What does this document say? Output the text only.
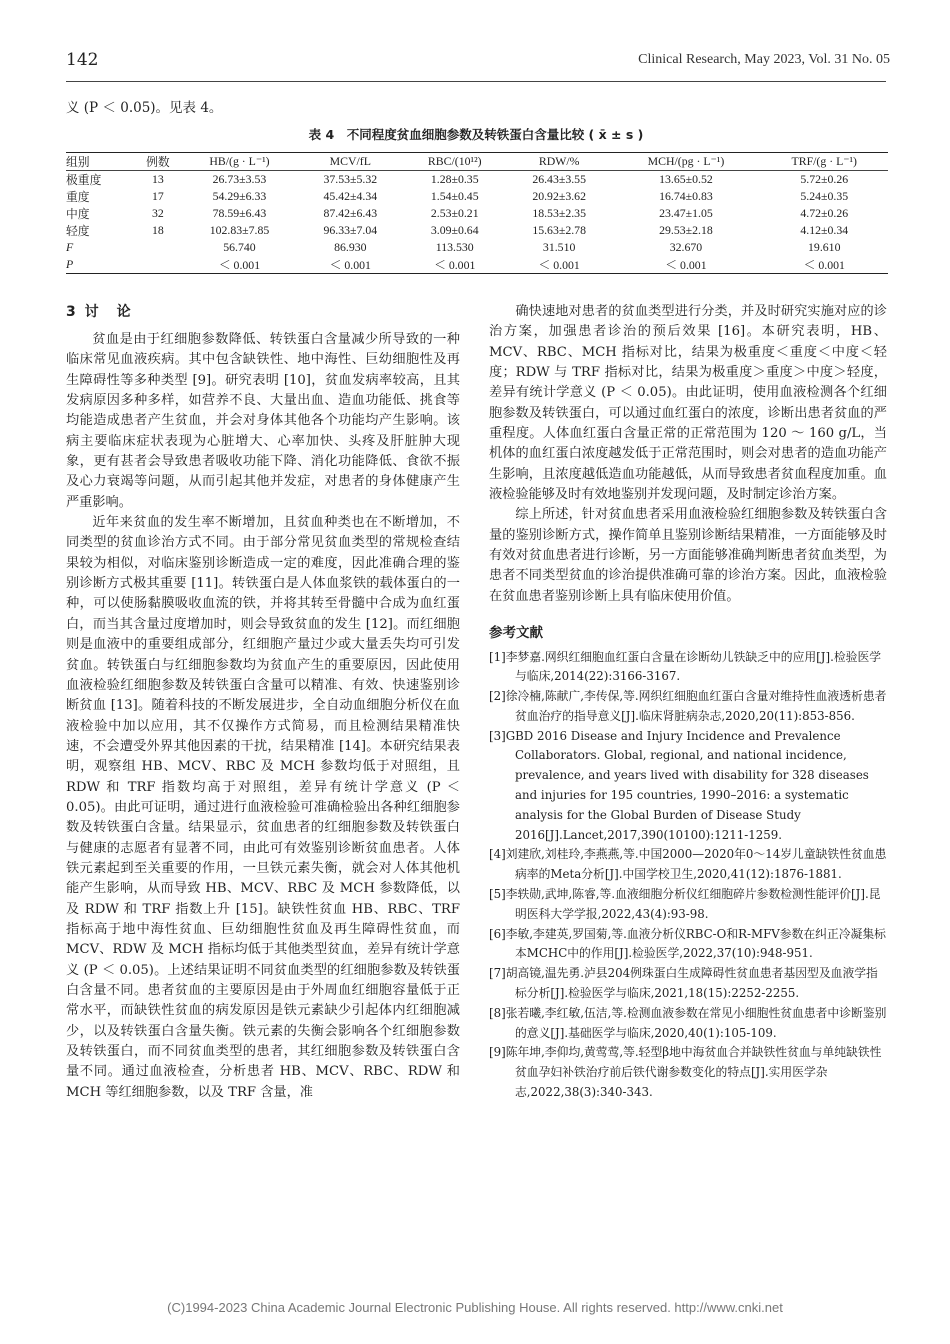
142	Clinical Research, May 2023, Vol. 31 No. 05
义 (P ＜ 0.05)。见表 4。
表 4　不同程度贫血细胞参数及转铁蛋白含量比较 ( x̄ ± s )
组别	例数	HB/(g · L⁻¹)	MCV/fL	RBC/(10¹²)	RDW/%	MCH/(pg · L⁻¹)	TRF/(g · L⁻¹)
极重度	13	26.73±3.53	37.53±5.32	1.28±0.35	26.43±3.55	13.65±0.52	5.72±0.26
重度	17	54.29±6.33	45.42±4.34	1.54±0.45	20.92±3.62	16.74±0.83	5.24±0.35
中度	32	78.59±6.43	87.42±6.43	2.53±0.21	18.53±2.35	23.47±1.05	4.72±0.26
轻度	18	102.83±7.85	96.33±7.04	3.09±0.64	15.63±2.78	29.53±2.18	4.12±0.34
F		56.740	86.930	113.530	31.510	32.670	19.610
P		＜ 0.001	＜ 0.001	＜ 0.001	＜ 0.001	＜ 0.001	＜ 0.001
3 讨　论

贫血是由于红细胞参数降低、转铁蛋白含量减少所导致的一种临床常见血液疾病。其中包含缺铁性、地中海性、巨幼细胞性及再生障碍性等多种类型 [9]。研究表明 [10]，贫血发病率较高，且其发病原因多种多样，如营养不良、大量出血、造血功能低、挑食等均能造成患者产生贫血，并会对身体其他各个功能均产生影响。该病主要临床症状表现为心脏增大、心率加快、头疼及肝脏肿大现象，更有甚者会导致患者吸收功能下降、消化功能降低、食欲不振及心力衰竭等问题，从而引起其他并发症，对患者的身体健康产生严重影响。

近年来贫血的发生率不断增加，且贫血种类也在不断增加，不同类型的贫血诊治方式不同。由于部分常见贫血类型的常规检查结果较为相似，对临床鉴别诊断造成一定的难度，因此准确合理的鉴别诊断方式极其重要 [11]。转铁蛋白是人体血浆铁的载体蛋白的一种，可以使肠黏膜吸收血流的铁，并将其转至骨髓中合成为血红蛋白，而当其含量过度增加时，则会导致贫血的发生 [12]。而红细胞则是血液中的重要组成部分，红细胞产量过少或大量丢失均可引发贫血。转铁蛋白与红细胞参数均为贫血产生的重要原因，因此使用血液检验红细胞参数及转铁蛋白含量可以精准、有效、快速鉴别诊断贫血 [13]。随着科技的不断发展进步，全自动血细胞分析仪在血液检验中加以应用，其不仅操作方式简易，而且检测结果精准快速，不会遭受外界其他因素的干扰，结果精准 [14]。本研究结果表明，观察组 HB、MCV、RBC 及 MCH 参数均低于对照组，且 RDW 和 TRF 指数均高于对照组，差异有统计学意义 (P ＜ 0.05)。由此可证明，通过进行血液检验可准确检验出各种红细胞参数及转铁蛋白含量。结果显示，贫血患者的红细胞参数及转铁蛋白与健康的志愿者有显著不同，由此可有效鉴别诊断贫血患者。人体铁元素起到至关重要的作用，一旦铁元素失衡，就会对人体其他机能产生影响，从而导致 HB、MCV、RBC 及 MCH 参数降低，以及 RDW 和 TRF 指数上升 [15]。缺铁性贫血 HB、RBC、TRF 指标高于地中海性贫血、巨幼细胞性贫血及再生障碍性贫血，而 MCV、RDW 及 MCH 指标均低于其他类型贫血，差异有统计学意义 (P ＜ 0.05)。上述结果证明不同贫血类型的红细胞参数及转铁蛋白含量不同。患者贫血的主要原因是由于外周血红细胞容量低于正常水平，而缺铁性贫血的病发原因是铁元素缺少引起体内红细胞减少，以及转铁蛋白含量失衡。铁元素的失衡会影响各个红细胞参数及转铁蛋白，而不同贫血类型的患者，其红细胞参数及转铁蛋白含量不同。通过血液检查，分析患者 HB、MCV、RBC、RDW 和 MCH 等红细胞参数，以及 TRF 含量，准

确快速地对患者的贫血类型进行分类，并及时研究实施对应的诊治方案，加强患者诊治的预后效果 [16]。本研究表明，HB、MCV、RBC、MCH 指标对比，结果为极重度＜重度＜中度＜轻度；RDW 与 TRF 指标对比，结果为极重度＞重度＞中度＞轻度，差异有统计学意义 (P ＜ 0.05)。由此证明，使用血液检测各个红细胞参数及转铁蛋白，可以通过血红蛋白的浓度，诊断出患者贫血的严重程度。人体血红蛋白含量正常的正常范围为 120 ～ 160 g/L，当机体的血红蛋白浓度越发低于正常范围时，则会对患者的造血功能产生影响，且浓度越低造血功能越低，从而导致患者贫血程度加重。血液检验能够及时有效地鉴别并发现问题，及时制定诊治方案。

综上所述，针对贫血患者采用血液检验红细胞参数及转铁蛋白含量的鉴别诊断方式，操作简单且鉴别诊断结果精准，一方面能够及时有效对贫血患者进行诊断，另一方面能够准确判断患者贫血类型，为患者不同类型贫血的诊治提供准确可靠的诊治方案。因此，血液检验在贫血患者鉴别诊断上具有临床使用价值。

参考文献
[1]李梦嘉.网织红细胞血红蛋白含量在诊断幼儿铁缺乏中的应用[J].检验医学与临床,2014(22):3166-3167.
[2]徐冷楠,陈献广,李传保,等.网织红细胞血红蛋白含量对维持性血液透析患者贫血治疗的指导意义[J].临床肾脏病杂志,2020,20(11):853-856.
[3]GBD 2016 Disease and Injury Incidence and Prevalence Collaborators. Global, regional, and national incidence, prevalence, and years lived with disability for 328 diseases and injuries for 195 countries, 1990–2016: a systematic analysis for the Global Burden of Disease Study 2016[J].Lancet,2017,390(10100):1211-1259.
[4]刘建欣,刘桂玲,李燕燕,等.中国2000—2020年0～14岁儿童缺铁性贫血患病率的Meta分析[J].中国学校卫生,2020,41(12):1876-1881.
[5]李轶勋,武坤,陈睿,等.血液细胞分析仪红细胞碎片参数检测性能评价[J].昆明医科大学学报,2022,43(4):93-98.
[6]李敏,李建英,罗国菊,等.血液分析仪RBC-O和R-MFV参数在纠正冷凝集标本MCHC中的作用[J].检验医学,2022,37(10):948-951.
[7]胡高镜,温先勇.泸县204例珠蛋白生成障碍性贫血患者基因型及血液学指标分析[J].检验医学与临床,2021,18(15):2252-2255.
[8]张若曦,李红敏,伍洁,等.检测血液参数在常见小细胞性贫血患者中诊断鉴别的意义[J].基础医学与临床,2020,40(1):105-109.
[9]陈年坤,李仰均,黄莺莺,等.轻型β地中海贫血合并缺铁性贫血与单纯缺铁性贫血孕妇补铁治疗前后铁代谢参数变化的特点[J].实用医学杂志,2022,38(3):340-343.
(C)1994-2023 China Academic Journal Electronic Publishing House. All rights reserved. http://www.cnki.net
